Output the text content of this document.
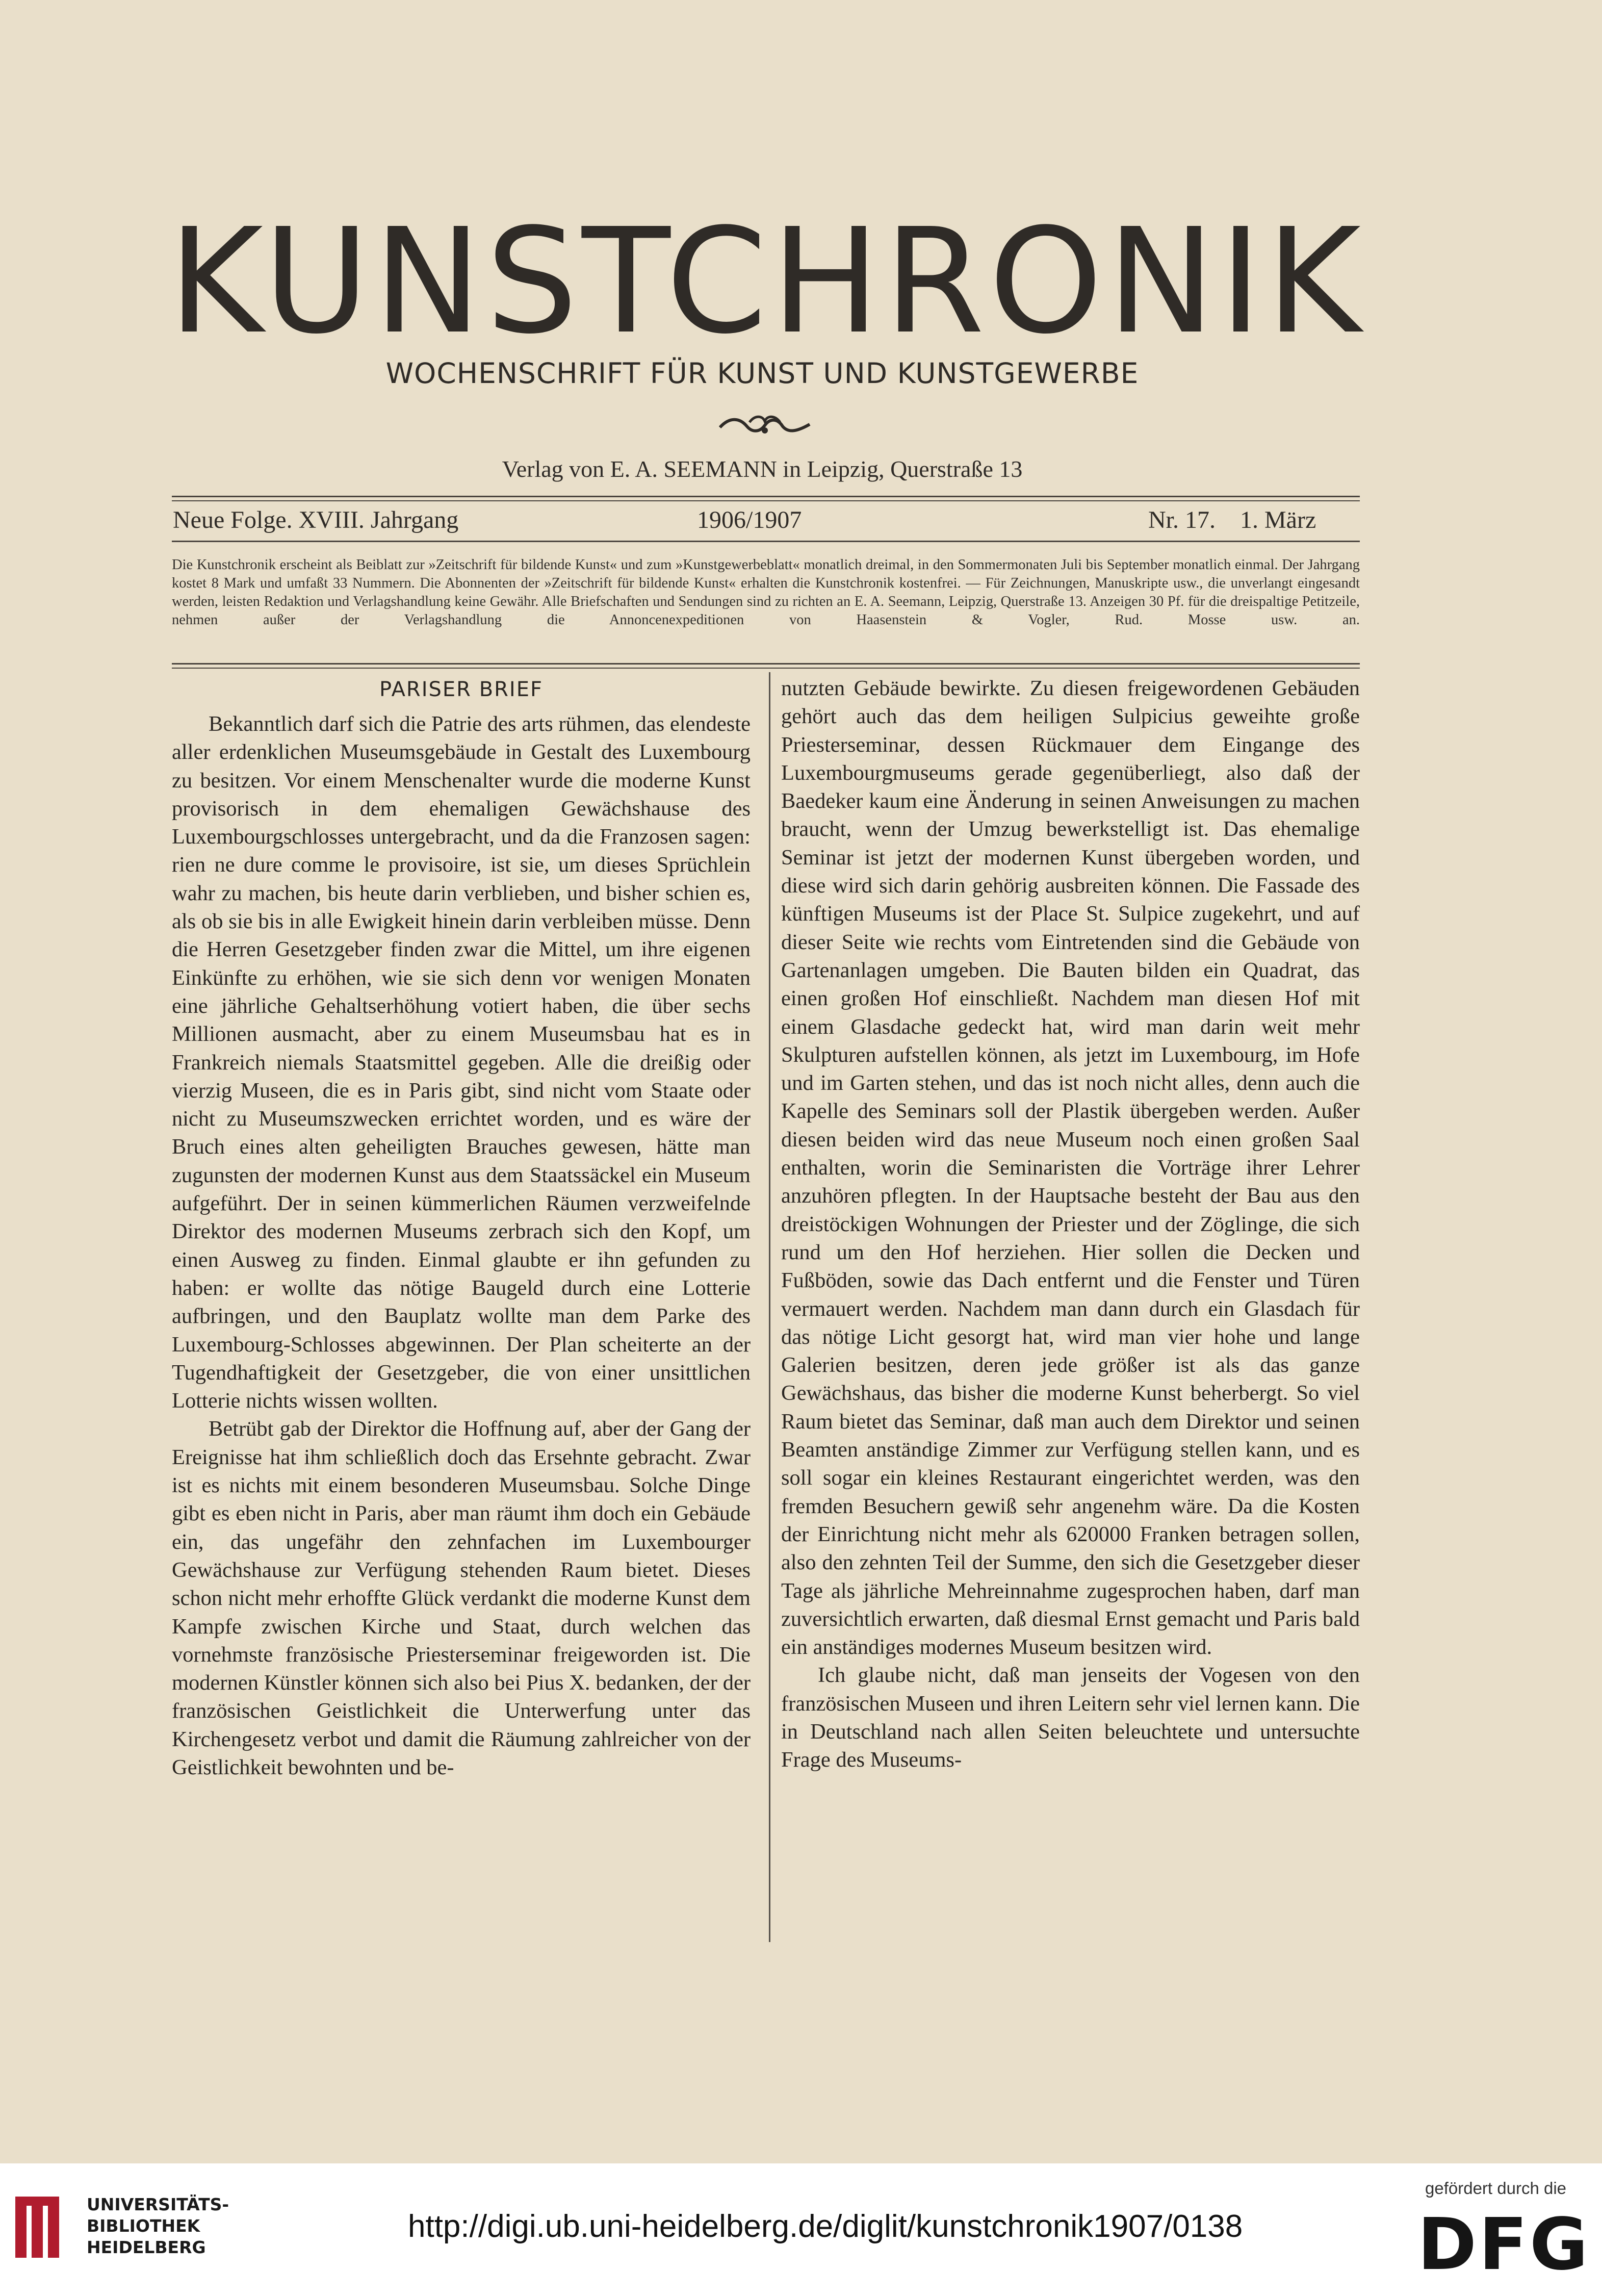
KUNSTCHRONIK
WOCHENSCHRIFT FÜR KUNST UND KUNSTGEWERBE
Verlag von E. A. SEEMANN in Leipzig, Querstraße 13
Neue Folge. XVIII. Jahrgang	1906/1907	Nr. 17. 1. März
Die Kunstchronik erscheint als Beiblatt zur »Zeitschrift für bildende Kunst« und zum »Kunstgewerbeblatt« monatlich dreimal, in den Sommermonaten Juli bis September monatlich einmal. Der Jahrgang kostet 8 Mark und umfaßt 33 Nummern. Die Abonnenten der »Zeitschrift für bildende Kunst« erhalten die Kunstchronik kostenfrei. — Für Zeichnungen, Manuskripte usw., die unverlangt eingesandt werden, leisten Redaktion und Verlagshandlung keine Gewähr. Alle Briefschaften und Sendungen sind zu richten an E. A. Seemann, Leipzig, Querstraße 13. Anzeigen 30 Pf. für die dreispaltige Petitzeile, nehmen außer der Verlagshandlung die Annoncenexpeditionen von Haasenstein & Vogler, Rud. Mosse usw. an.
PARISER BRIEF

Bekanntlich darf sich die Patrie des arts rühmen, das elendeste aller erdenklichen Museumsgebäude in Gestalt des Luxembourg zu besitzen. Vor einem Menschenalter wurde die moderne Kunst provisorisch in dem ehemaligen Gewächshause des Luxembourgschlosses untergebracht, und da die Franzosen sagen: rien ne dure comme le provisoire, ist sie, um dieses Sprüchlein wahr zu machen, bis heute darin verblieben, und bisher schien es, als ob sie bis in alle Ewigkeit hinein darin verbleiben müsse. Denn die Herren Gesetzgeber finden zwar die Mittel, um ihre eigenen Einkünfte zu erhöhen, wie sie sich denn vor wenigen Monaten eine jährliche Gehaltserhöhung votiert haben, die über sechs Millionen ausmacht, aber zu einem Museumsbau hat es in Frankreich niemals Staatsmittel gegeben. Alle die dreißig oder vierzig Museen, die es in Paris gibt, sind nicht vom Staate oder nicht zu Museumszwecken errichtet worden, und es wäre der Bruch eines alten geheiligten Brauches gewesen, hätte man zugunsten der modernen Kunst aus dem Staatssäckel ein Museum aufgeführt. Der in seinen kümmerlichen Räumen verzweifelnde Direktor des modernen Museums zerbrach sich den Kopf, um einen Ausweg zu finden. Einmal glaubte er ihn gefunden zu haben: er wollte das nötige Baugeld durch eine Lotterie aufbringen, und den Bauplatz wollte man dem Parke des Luxembourg-Schlosses abgewinnen. Der Plan scheiterte an der Tugendhaftigkeit der Gesetzgeber, die von einer unsittlichen Lotterie nichts wissen wollten.

Betrübt gab der Direktor die Hoffnung auf, aber der Gang der Ereignisse hat ihm schließlich doch das Ersehnte gebracht. Zwar ist es nichts mit einem besonderen Museumsbau. Solche Dinge gibt es eben nicht in Paris, aber man räumt ihm doch ein Gebäude ein, das ungefähr den zehnfachen im Luxembourger Gewächshause zur Verfügung stehenden Raum bietet. Dieses schon nicht mehr erhoffte Glück verdankt die moderne Kunst dem Kampfe zwischen Kirche und Staat, durch welchen das vornehmste französische Priesterseminar freigeworden ist. Die modernen Künstler können sich also bei Pius X. bedanken, der der französischen Geistlichkeit die Unterwerfung unter das Kirchengesetz verbot und damit die Räumung zahlreicher von der Geistlichkeit bewohnten und be-

nutzten Gebäude bewirkte. Zu diesen freigewordenen Gebäuden gehört auch das dem heiligen Sulpicius geweihte große Priesterseminar, dessen Rückmauer dem Eingange des Luxembourgmuseums gerade gegenüberliegt, also daß der Baedeker kaum eine Änderung in seinen Anweisungen zu machen braucht, wenn der Umzug bewerkstelligt ist. Das ehemalige Seminar ist jetzt der modernen Kunst übergeben worden, und diese wird sich darin gehörig ausbreiten können. Die Fassade des künftigen Museums ist der Place St. Sulpice zugekehrt, und auf dieser Seite wie rechts vom Eintretenden sind die Gebäude von Gartenanlagen umgeben. Die Bauten bilden ein Quadrat, das einen großen Hof einschließt. Nachdem man diesen Hof mit einem Glasdache gedeckt hat, wird man darin weit mehr Skulpturen aufstellen können, als jetzt im Luxembourg, im Hofe und im Garten stehen, und das ist noch nicht alles, denn auch die Kapelle des Seminars soll der Plastik übergeben werden. Außer diesen beiden wird das neue Museum noch einen großen Saal enthalten, worin die Seminaristen die Vorträge ihrer Lehrer anzuhören pflegten. In der Hauptsache besteht der Bau aus den dreistöckigen Wohnungen der Priester und der Zöglinge, die sich rund um den Hof herziehen. Hier sollen die Decken und Fußböden, sowie das Dach entfernt und die Fenster und Türen vermauert werden. Nachdem man dann durch ein Glasdach für das nötige Licht gesorgt hat, wird man vier hohe und lange Galerien besitzen, deren jede größer ist als das ganze Gewächshaus, das bisher die moderne Kunst beherbergt. So viel Raum bietet das Seminar, daß man auch dem Direktor und seinen Beamten anständige Zimmer zur Verfügung stellen kann, und es soll sogar ein kleines Restaurant eingerichtet werden, was den fremden Besuchern gewiß sehr angenehm wäre. Da die Kosten der Einrichtung nicht mehr als 620000 Franken betragen sollen, also den zehnten Teil der Summe, den sich die Gesetzgeber dieser Tage als jährliche Mehreinnahme zugesprochen haben, darf man zuversichtlich erwarten, daß diesmal Ernst gemacht und Paris bald ein anständiges modernes Museum besitzen wird.

Ich glaube nicht, daß man jenseits der Vogesen von den französischen Museen und ihren Leitern sehr viel lernen kann. Die in Deutschland nach allen Seiten beleuchtete und untersuchte Frage des Museums-

UNIVERSITÄTS-
BIBLIOTHEK
HEIDELBERG
http://digi.ub.uni-heidelberg.de/diglit/kunstchronik1907/0138
gefördert durch die
DFG
